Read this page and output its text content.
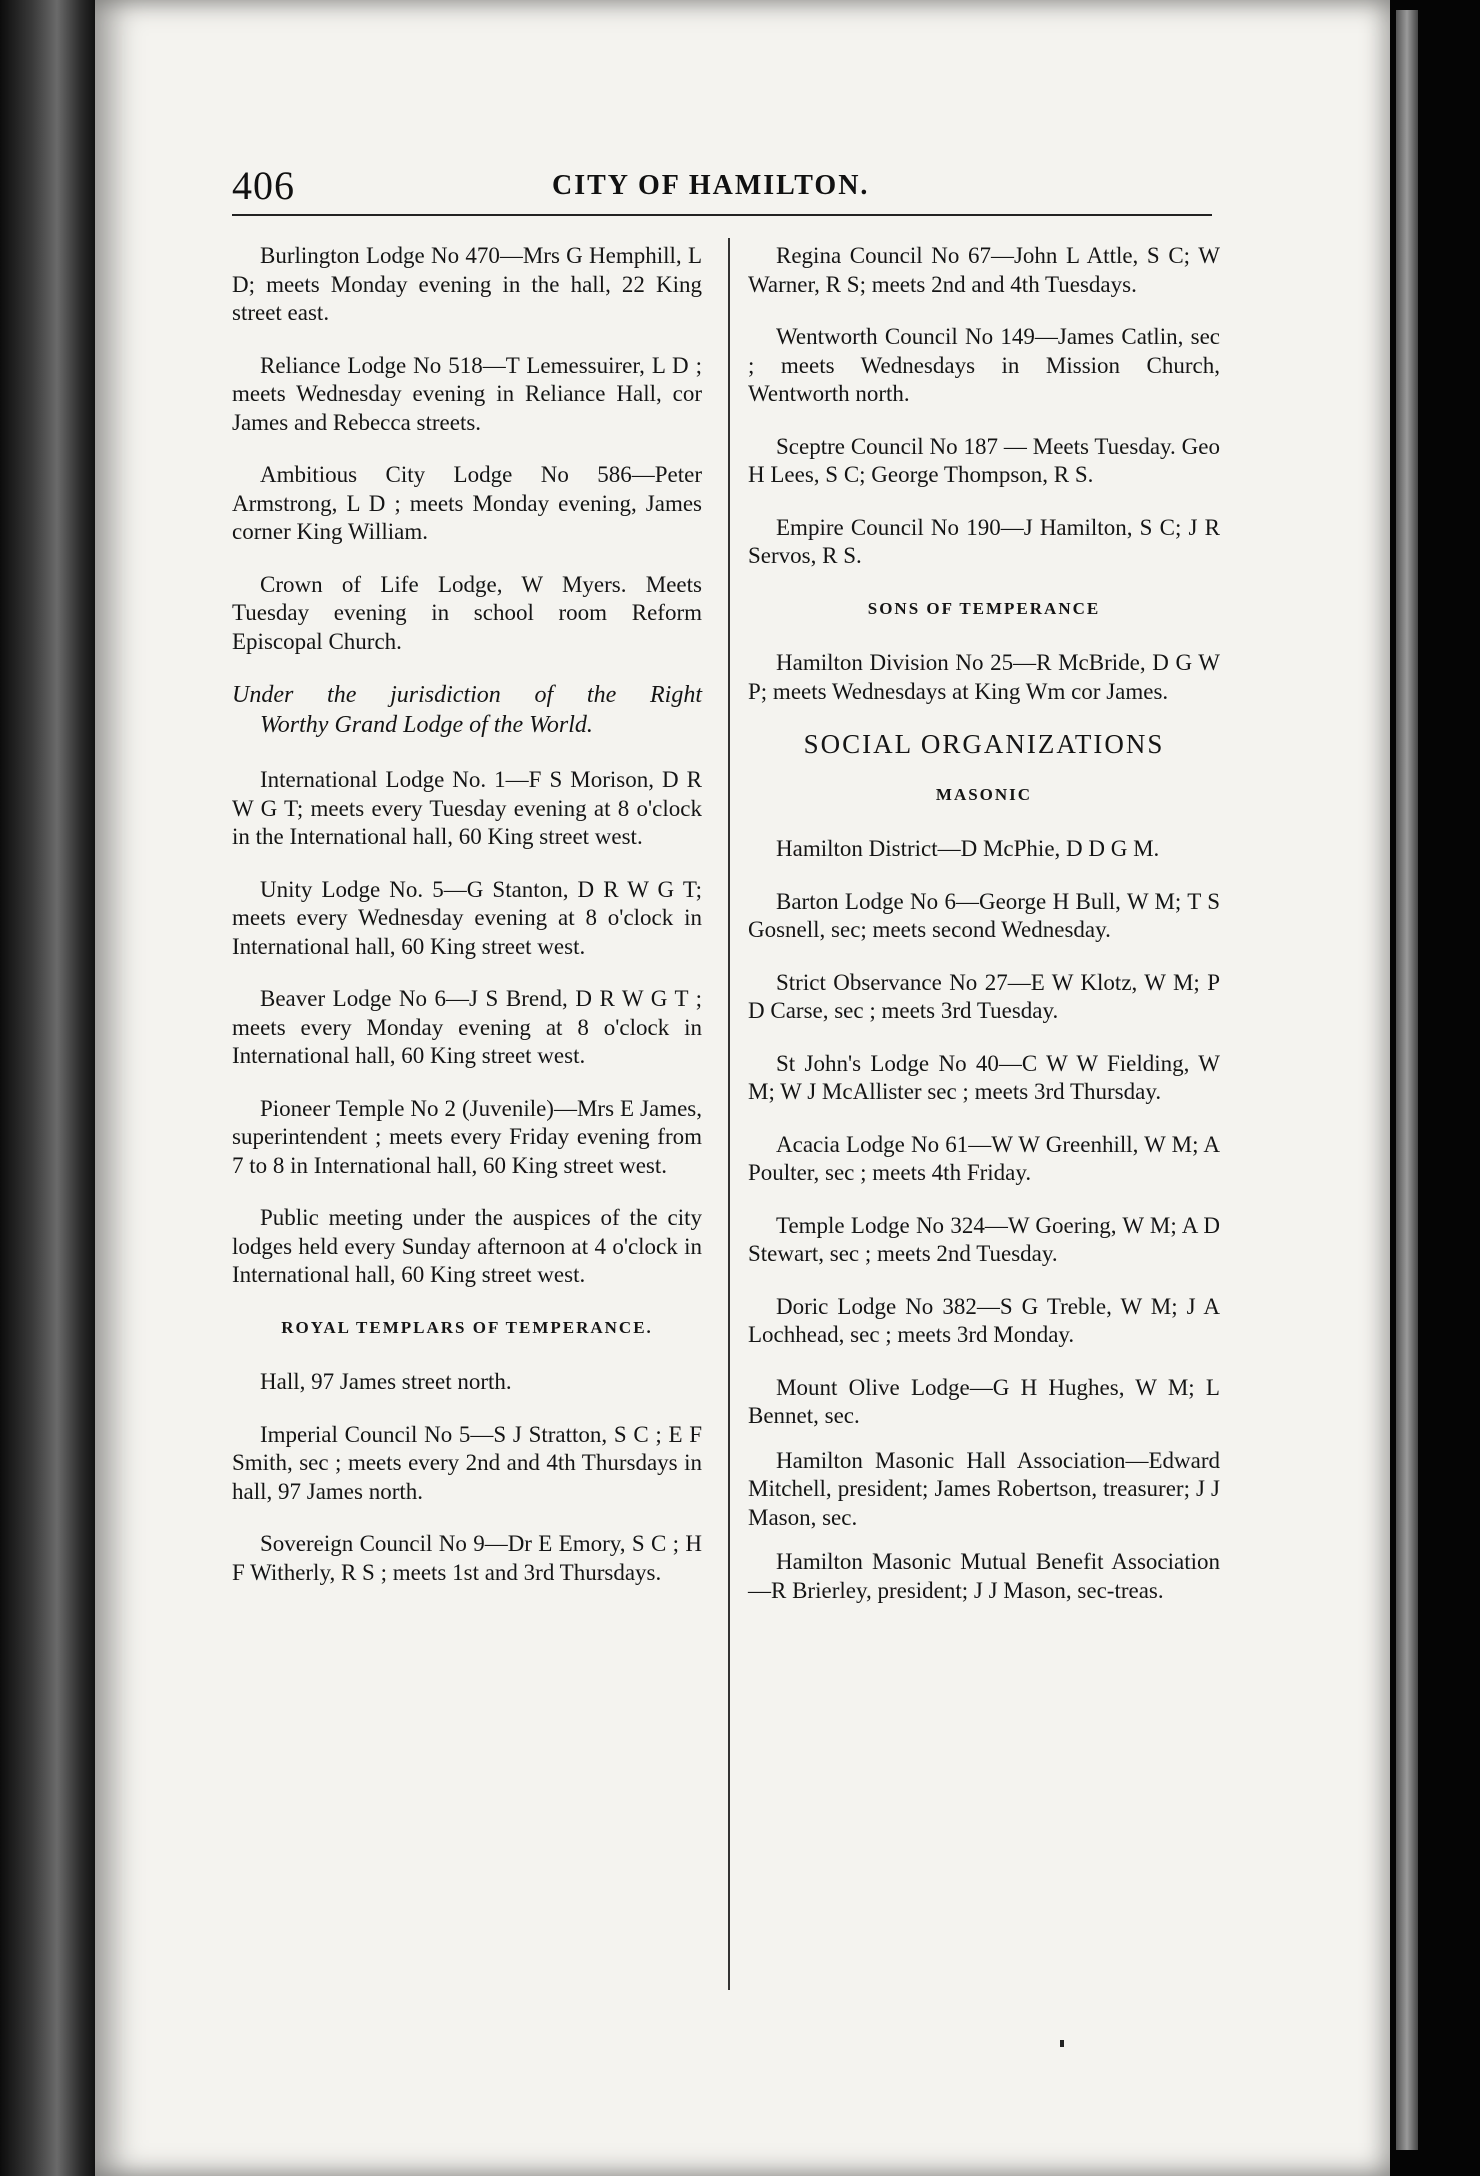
406	CITY OF HAMILTON.

Burlington Lodge No 470—Mrs G Hemphill, L D; meets Monday evening in the hall, 22 King street east.

Reliance Lodge No 518—T Lemessuirer, L D ; meets Wednesday evening in Reliance Hall, cor James and Rebecca streets.

Ambitious City Lodge No 586—Peter Armstrong, L D ; meets Monday evening, James corner King William.

Crown of Life Lodge, W Myers. Meets Tuesday evening in school room Reform Episcopal Church.

Under the jurisdiction of the Right
Worthy Grand Lodge of the World.

International Lodge No. 1—F S Morison, D R W G T; meets every Tuesday evening at 8 o'clock in the International hall, 60 King street west.

Unity Lodge No. 5—G Stanton, D R W G T; meets every Wednesday evening at 8 o'clock in International hall, 60 King street west.

Beaver Lodge No 6—J S Brend, D R W G T ; meets every Monday evening at 8 o'clock in International hall, 60 King street west.

Pioneer Temple No 2 (Juvenile)—Mrs E James, superintendent ; meets every Friday evening from 7 to 8 in International hall, 60 King street west.

Public meeting under the auspices of the city lodges held every Sunday afternoon at 4 o'clock in International hall, 60 King street west.

ROYAL TEMPLARS OF TEMPERANCE.

Hall, 97 James street north.

Imperial Council No 5—S J Stratton, S C ; E F Smith, sec ; meets every 2nd and 4th Thursdays in hall, 97 James north.

Sovereign Council No 9—Dr E Emory, S C ; H F Witherly, R S ; meets 1st and 3rd Thursdays.

Regina Council No 67—John L Attle, S C; W Warner, R S; meets 2nd and 4th Tuesdays.

Wentworth Council No 149—James Catlin, sec ; meets Wednesdays in Mission Church, Wentworth north.

Sceptre Council No 187 — Meets Tuesday. Geo H Lees, S C; George Thompson, R S.

Empire Council No 190—J Hamilton, S C; J R Servos, R S.

SONS OF TEMPERANCE

Hamilton Division No 25—R McBride, D G W P; meets Wednesdays at King Wm cor James.

SOCIAL ORGANIZATIONS
MASONIC

Hamilton District—D McPhie, D D G M.

Barton Lodge No 6—George H Bull, W M; T S Gosnell, sec; meets second Wednesday.

Strict Observance No 27—E W Klotz, W M; P D Carse, sec ; meets 3rd Tuesday.

St John's Lodge No 40—C W W Fielding, W M; W J McAllister sec ; meets 3rd Thursday.

Acacia Lodge No 61—W W Greenhill, W M; A Poulter, sec ; meets 4th Friday.

Temple Lodge No 324—W Goering, W M; A D Stewart, sec ; meets 2nd Tuesday.

Doric Lodge No 382—S G Treble, W M; J A Lochhead, sec ; meets 3rd Monday.

Mount Olive Lodge—G H Hughes, W M; L Bennet, sec.

Hamilton Masonic Hall Association—Edward Mitchell, president; James Robertson, treasurer; J J Mason, sec.

Hamilton Masonic Mutual Benefit Association—R Brierley, president; J J Mason, sec-treas.
